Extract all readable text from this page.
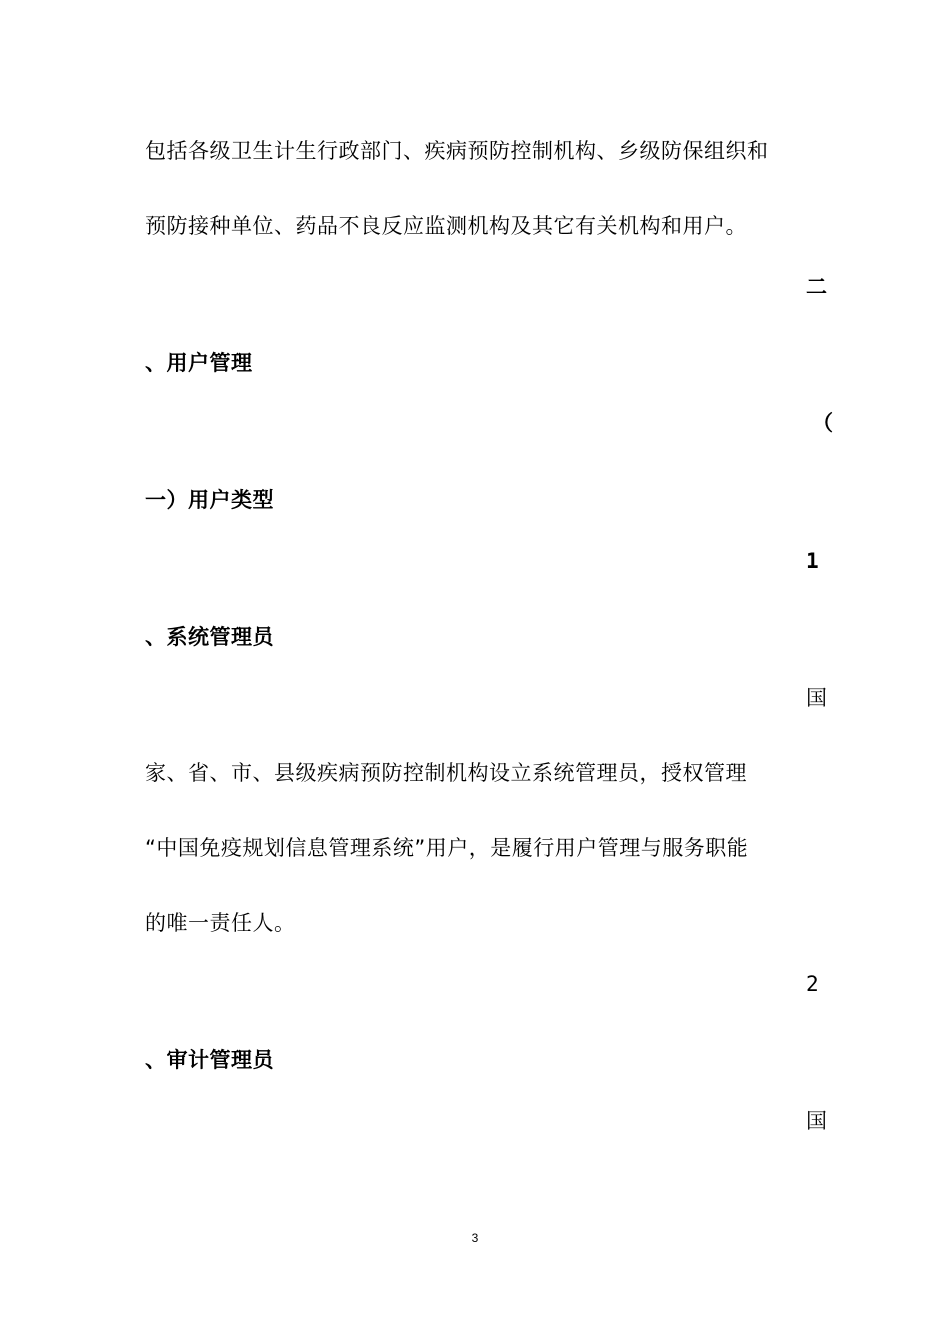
包括各级卫生计生行政部门、疾病预防控制机构、乡级防保组织和
预防接种单位、药品不良反应监测机构及其它有关机构和用户。
二
、用户管理
（
一）用户类型
1
、系统管理员
国
家、省、市、县级疾病预防控制机构设立系统管理员，授权管理
“中国免疫规划信息管理系统”用户，是履行用户管理与服务职能
的唯一责任人。
2
、审计管理员
国
3
